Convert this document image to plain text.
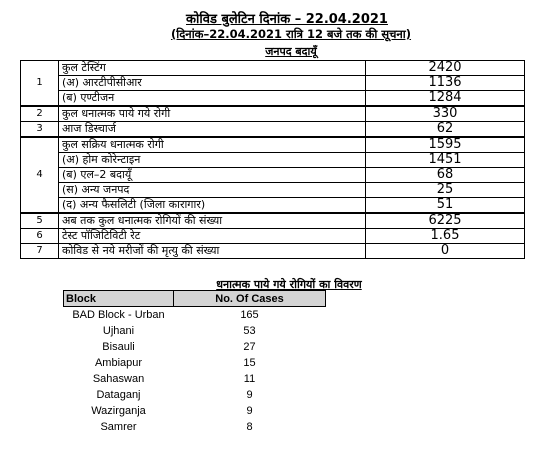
कोविड बुलेटिन दिनांक – 22.04.2021
(दिनांक–22.04.2021 रात्रि 12 बजे तक की सूचना)
जनपद बदायूँ
1	कुल टेस्टिंग	2420
	(अ) आरटीपीसीआर	1136
	(ब) एण्टीजन	1284
2	कुल धनात्मक पाये गये रोगी	330
3	आज डिस्चार्ज	62
4	कुल सक्रिय धनात्मक रोगी	1595
	(अ) होम कोरेन्टाइन	1451
	(ब) एल–2 बदायूँ	68
	(स) अन्य जनपद	25
	(द) अन्य फैसलिटी (जिला कारागार)	51
5	अब तक कुल धनात्मक रोगियों की संख्या	6225
6	टेस्ट पॉजिटिविटी रेट	1.65
7	कोविड से नये मरीजों की मृत्यु की संख्या	0
धनात्मक पाये गये रोगियों का विवरण
Block	No. Of Cases
BAD Block - Urban	165
Ujhani	53
Bisauli	27
Ambiapur	15
Sahaswan	11
Dataganj	9
Wazirganja	9
Samrer	8
